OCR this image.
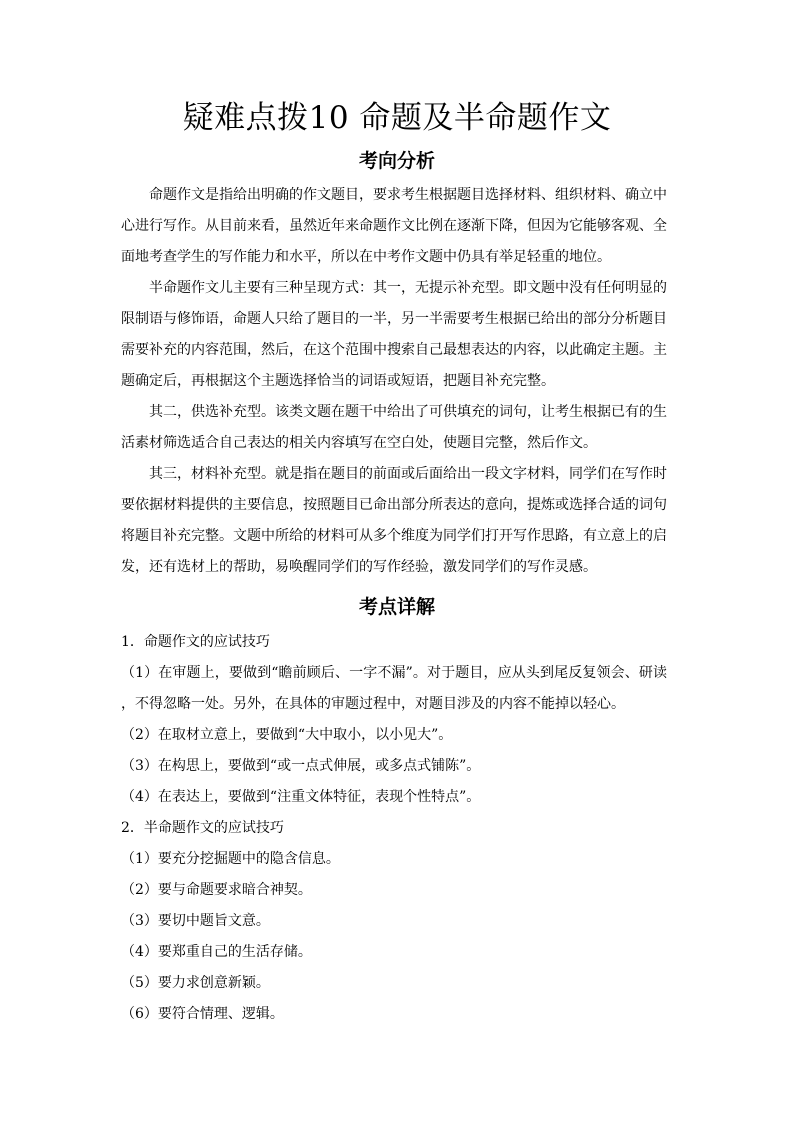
疑难点拨10 命题及半命题作文
考向分析

命题作文是指给出明确的作文题目，要求考生根据题目选择材料、组织材料、确立中心进行写作。从目前来看，虽然近年来命题作文比例在逐渐下降，但因为它能够客观、全面地考查学生的写作能力和水平，所以在中考作文题中仍具有举足轻重的地位。

半命题作文儿主要有三种呈现方式：其一，无提示补充型。即文题中没有任何明显的限制语与修饰语，命题人只给了题目的一半，另一半需要考生根据已给出的部分分析题目需要补充的内容范围，然后，在这个范围中搜索自己最想表达的内容，以此确定主题。主题确定后，再根据这个主题选择恰当的词语或短语，把题目补充完整。

其二，供选补充型。该类文题在题干中给出了可供填充的词句，让考生根据已有的生活素材筛选适合自己表达的相关内容填写在空白处，使题目完整，然后作文。

其三，材料补充型。就是指在题目的前面或后面给出一段文字材料，同学们在写作时要依据材料提供的主要信息，按照题目已命出部分所表达的意向，提炼或选择合适的词句将题目补充完整。文题中所给的材料可从多个维度为同学们打开写作思路，有立意上的启发，还有选材上的帮助，易唤醒同学们的写作经验，激发同学们的写作灵感。

考点详解

1．命题作文的应试技巧

（1）在审题上，要做到“瞻前顾后、一字不漏”。对于题目，应从头到尾反复领会、研读 ，不得忽略一处。另外，在具体的审题过程中，对题目涉及的内容不能掉以轻心。

（2）在取材立意上，要做到“大中取小，以小见大”。

（3）在构思上，要做到“或一点式伸展，或多点式铺陈”。

（4）在表达上，要做到“注重文体特征，表现个性特点”。

2．半命题作文的应试技巧

（1）要充分挖掘题中的隐含信息。

（2）要与命题要求暗合神契。

（3）要切中题旨文意。

（4）要郑重自己的生活存储。

（5）要力求创意新颖。

（6）要符合情理、逻辑。
